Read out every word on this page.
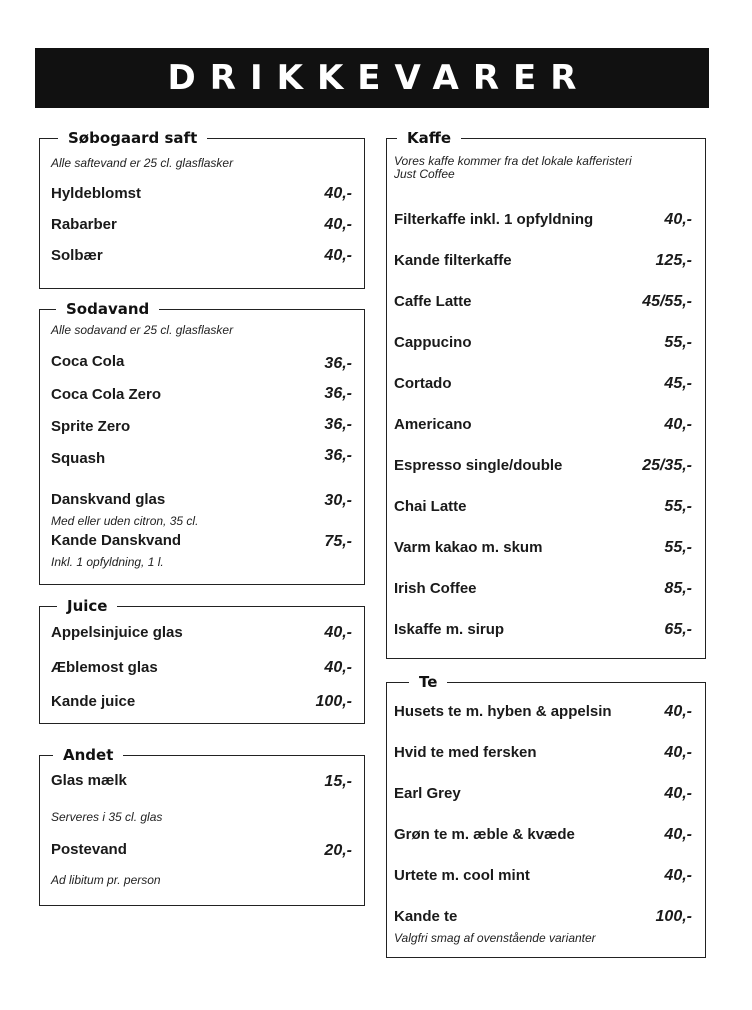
DRIKKEVARER
Søbogaard saft
Alle saftevand er 25 cl. glasflasker
Hyldeblomst	40,-
Rabarber	40,-
Solbær	40,-
Sodavand
Alle sodavand er 25 cl. glasflasker
Coca Cola	36,-
Coca Cola Zero	36,-
Sprite Zero	36,-
Squash	36,-
Danskvand glas	30,-
Med eller uden citron, 35 cl.
Kande Danskvand	75,-
Inkl. 1 opfyldning, 1 l.
Juice
Appelsinjuice glas	40,-
Æblemost glas	40,-
Kande juice	100,-
Andet
Glas mælk	15,-
Serveres i 35 cl. glas
Postevand	20,-
Ad libitum pr. person
Kaffe
Vores kaffe kommer fra det lokale kafferisteri
Just Coffee
Filterkaffe inkl. 1 opfyldning	40,-
Kande filterkaffe	125,-
Caffe Latte	45/55,-
Cappucino	55,-
Cortado	45,-
Americano	40,-
Espresso single/double	25/35,-
Chai Latte	55,-
Varm kakao m. skum	55,-
Irish Coffee	85,-
Iskaffe m. sirup	65,-
Te
Husets te m. hyben & appelsin	40,-
Hvid te med fersken	40,-
Earl Grey	40,-
Grøn te m. æble & kvæde	40,-
Urtete m. cool mint	40,-
Kande te	100,-
Valgfri smag af ovenstående varianter
